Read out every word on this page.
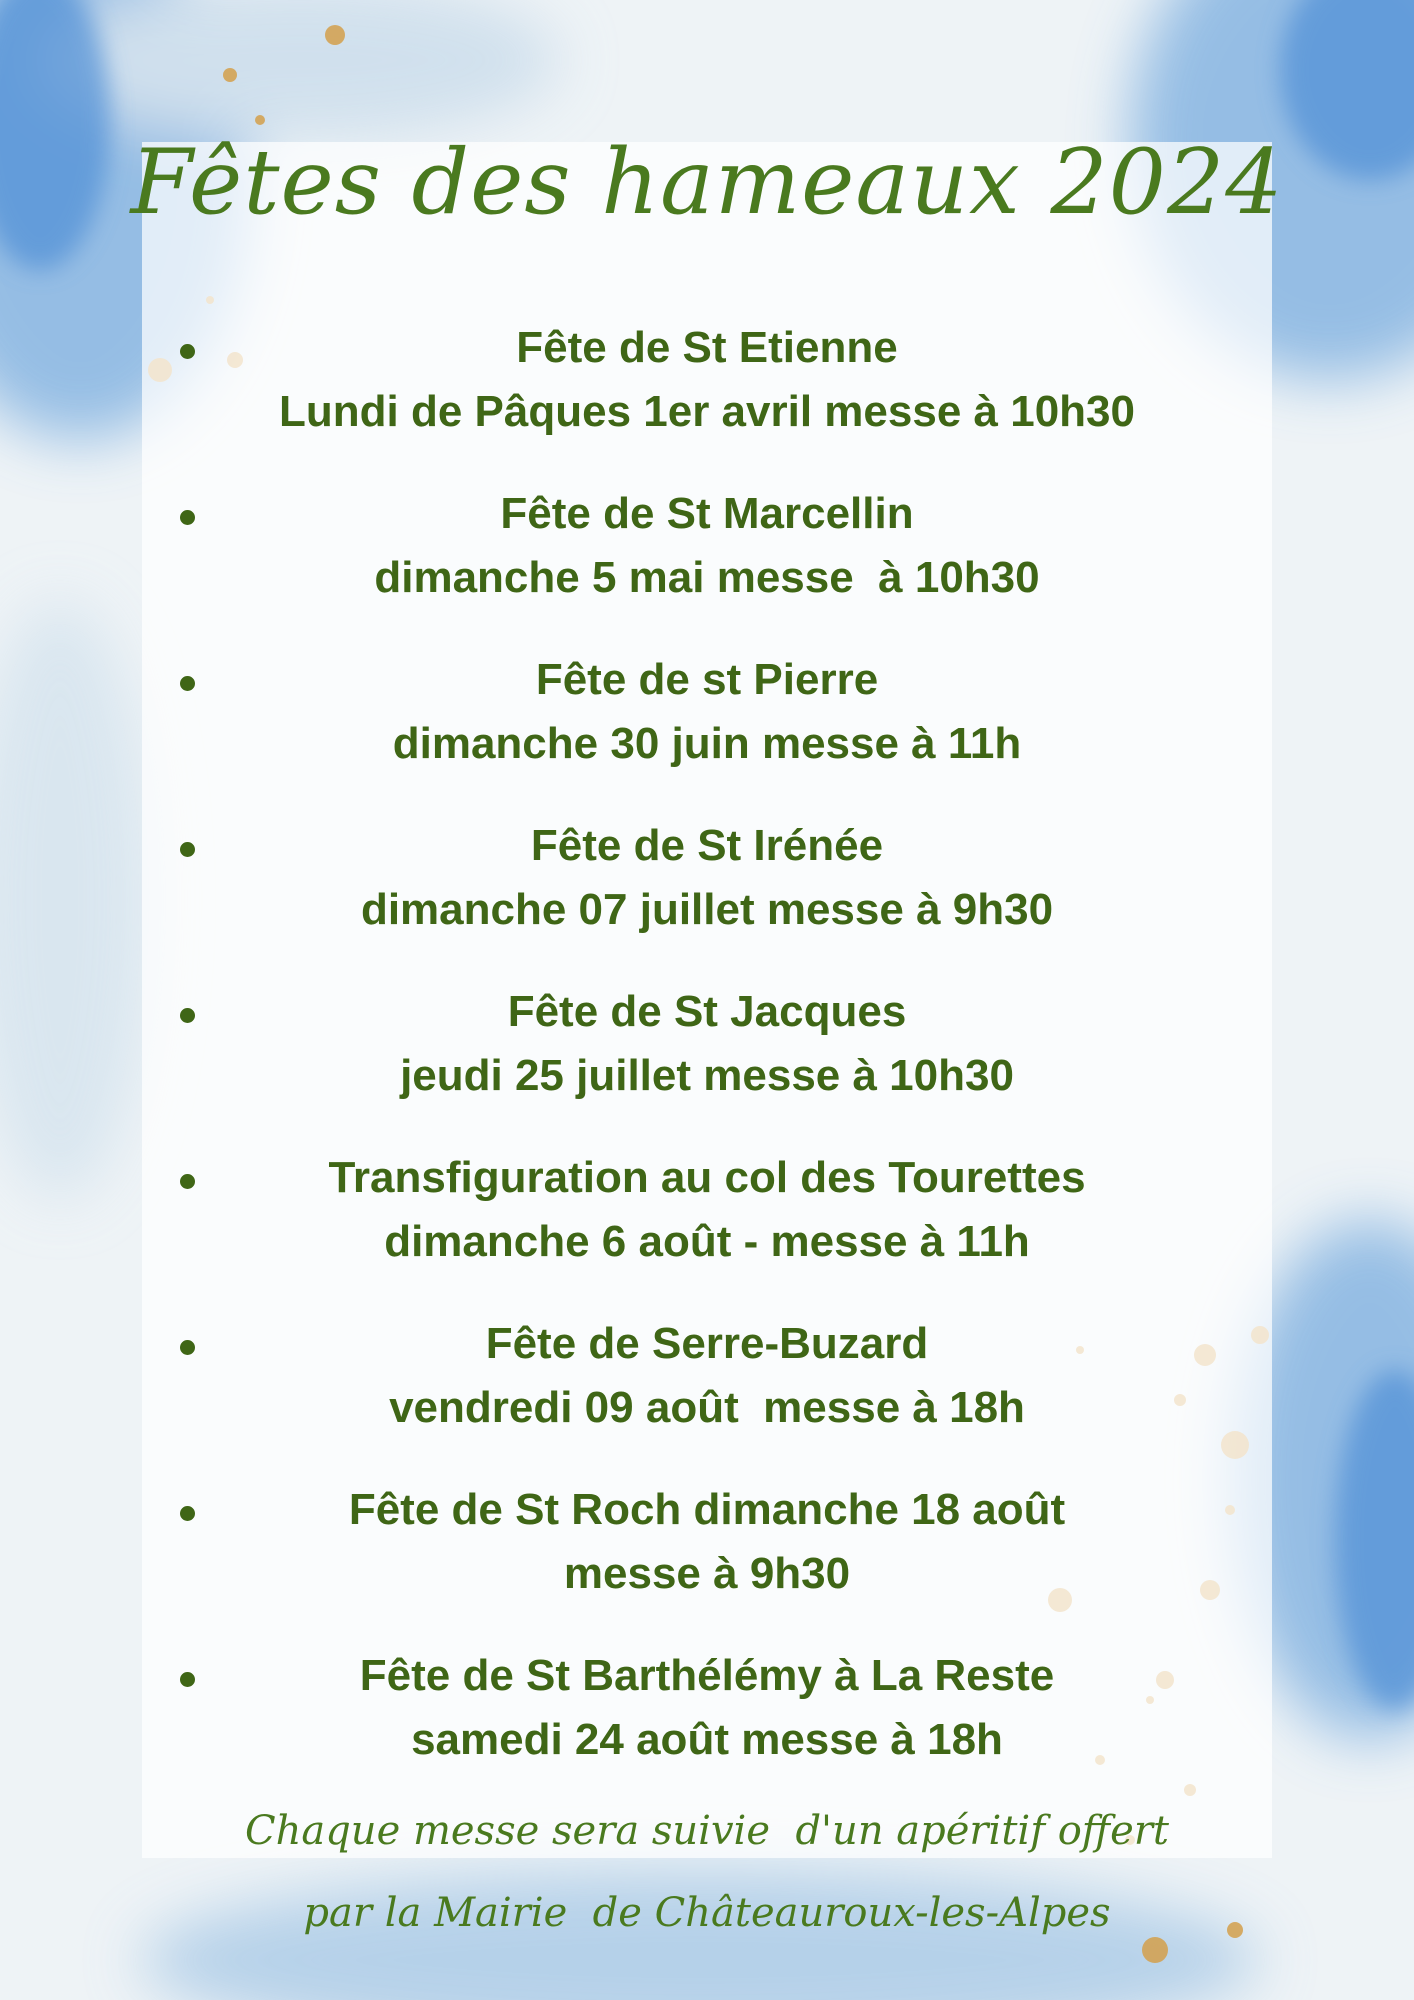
Fêtes des hameaux 2024
Fête de St Etienne
Lundi de Pâques 1er avril messe à 10h30
Fête de St Marcellin
dimanche 5 mai messe  à 10h30
Fête de st Pierre
dimanche 30 juin messe à 11h
Fête de St Irénée
dimanche 07 juillet messe à 9h30
Fête de St Jacques
jeudi 25 juillet messe à 10h30
Transfiguration au col des Tourettes
dimanche 6 août - messe à 11h
Fête de Serre-Buzard
vendredi 09 août  messe à 18h
Fête de St Roch dimanche 18 août
messe à 9h30
Fête de St Barthélémy à La Reste
samedi 24 août messe à 18h
Chaque messe sera suivie  d'un apéritif offert
par la Mairie  de Châteauroux-les-Alpes
